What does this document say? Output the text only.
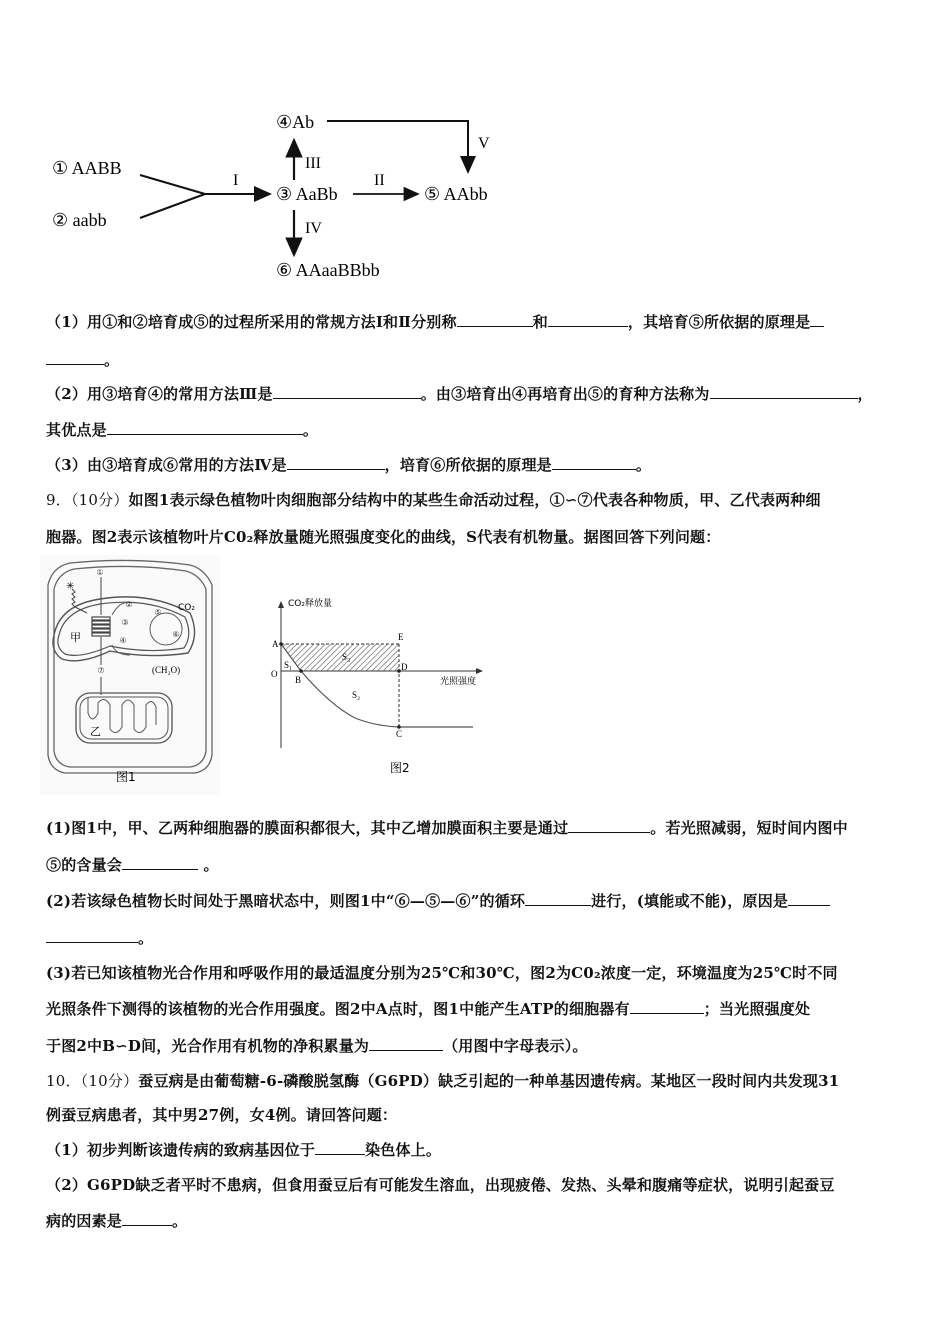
① AABB
② aabb
I
③ AaBb
II
⑤ AAbb
III
④Ab
V
IV
⑥ AAaaBBbb
（1）用①和②培育成⑤的过程所采用的常规方法Ⅰ和Ⅱ分别称	和	，其培育⑤所依据的原理是
。
（2）用③培育④的常用方法Ⅲ是	。由③培育出④再培育出⑤的育种方法称为	，
其优点是	。
（3）由③培育成⑥常用的方法Ⅳ是	，培育⑥所依据的原理是	。
9．（10分）如图1表示绿色植物叶肉细胞部分结构中的某些生命活动过程，①∽⑦代表各种物质，甲、乙代表两种细
胞器。图2表示该植物叶片C0₂释放量随光照强度变化的曲线，S代表有机物量。据图回答下列问题：
甲
✳
①
②
③
④
⑤
⑥
⑦
CO₂
(CH₂O)
乙
图1
CO₂释放量
光照强度
A
E
D
O
B
C
S₁
S₃
S₂
图2
(1)图1中，甲、乙两种细胞器的膜面积都很大，其中乙增加膜面积主要是通过	。若光照减弱，短时间内图中
⑤的含量会	。
(2)若该绿色植物长时间处于黑暗状态中，则图1中“⑥—⑤—⑥”的循环	进行，(填能或不能)，原因是
。
(3)若已知该植物光合作用和呼吸作用的最适温度分别为25℃和30℃，图2为C0₂浓度一定，环境温度为25℃时不同
光照条件下测得的该植物的光合作用强度。图2中A点时，图1中能产生ATP的细胞器有	；当光照强度处
于图2中B∽D间，光合作用有机物的净积累量为	（用图中字母表示）。
10．（10分）蚕豆病是由葡萄糖-6-磷酸脱氢酶（G6PD）缺乏引起的一种单基因遗传病。某地区一段时间内共发现31
例蚕豆病患者，其中男27例，女4例。请回答问题：
（1）初步判断该遗传病的致病基因位于	染色体上。
（2）G6PD缺乏者平时不患病，但食用蚕豆后有可能发生溶血，出现疲倦、发热、头晕和腹痛等症状，说明引起蚕豆
病的因素是	。
